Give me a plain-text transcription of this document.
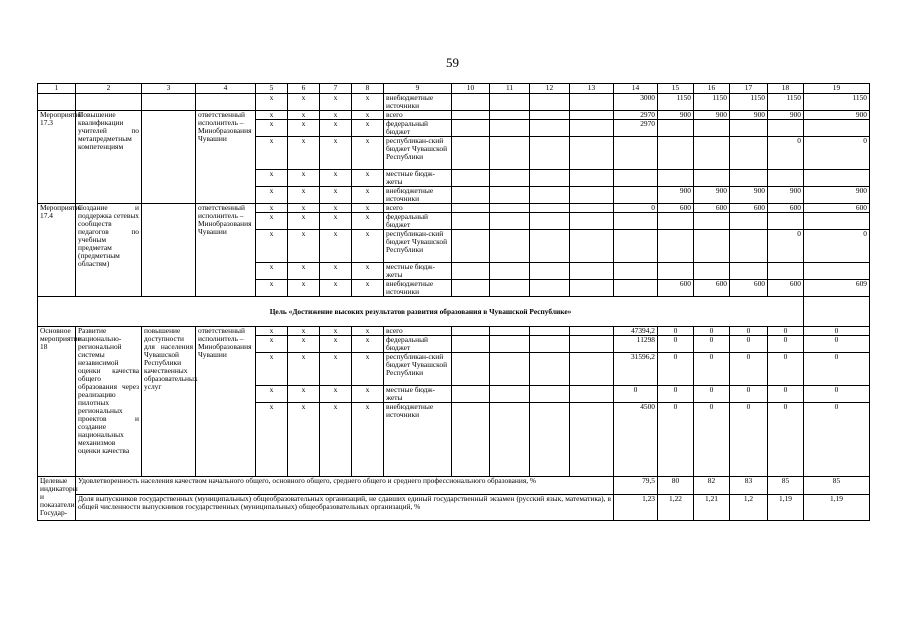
59
1	2	3	4	5	6	7	8	9	10	11	12	13	14	15	16	17	18	19
				x	x	x	x	внебюджетные источники					3000	1150	1150	1150	1150	1150
Мероприятие 17.3	Повышение квалификации учителей по метапредметным компетенциям		ответственный исполнитель – Минобразования Чувашии	x	x	x	x	всего					2970	900	900	900	900	900
				x	x	x	x	федеральный бюджет					2970					
				x	x	x	x	республикан-ский бюджет Чувашской Республики									0	0
				x	x	x	x	местные бюдж-жеты										
				x	x	x	x	внебюджетные источники						900	900	900	900	900
Мероприятие 17.4	Создание и поддержка сетевых сообществ педагогов по учебным предметам (предметным областям)		ответственный исполнитель – Минобразования Чувашии	x	x	x	x	всего					0	600	600	600	600	600
				x	x	x	x	федеральный бюджет										
				x	x	x	x	республикан-ский бюджет Чувашской Республики									0	0
				x	x	x	x	местные бюдж-жеты										
				x	x	x	x	внебюджетные источники						600	600	600	600	609
Цель «Достижение высоких результатов развития образования в Чувашской Республике»																		
Основное мероприятие 18	Развитие национально-региональной системы независимой оценки качества общего образования через реализацию пилотных региональных проектов и создание национальных механизмов оценки качества	повышение доступности для населения Чувашской Республики качественных образовательных услуг	ответственный исполнитель – Минобразования Чувашии	x	x	x	x	всего					47394,2	0	0	0	0	0
				x	x	x	x	федеральный бюджет					11298	0	0	0	0	0
				x	x	x	x	республикан-ский бюджет Чувашской Республики					31596,2	0	0	0	0	0
				x	x	x	x	местные бюдж-жеты					0	0	0	0	0	0
				x	x	x	x	внебюджетные источники					4500	0	0	0	0	0
Целевые индикаторы и показатели Государ-	Удовлетворенность населения качеством начального общего, основного общего, среднего общего и среднего профессионального образования, %												79,5	80	82	83	85	85
	Доля выпускников государственных (муниципальных) общеобразовательных организаций, не сдавших единый государственный экзамен (русский язык, математика), в общей численности выпускников государственных (муниципальных) общеобразовательных организаций, %												1,23	1,22	1,21	1,2	1,19	1,19
